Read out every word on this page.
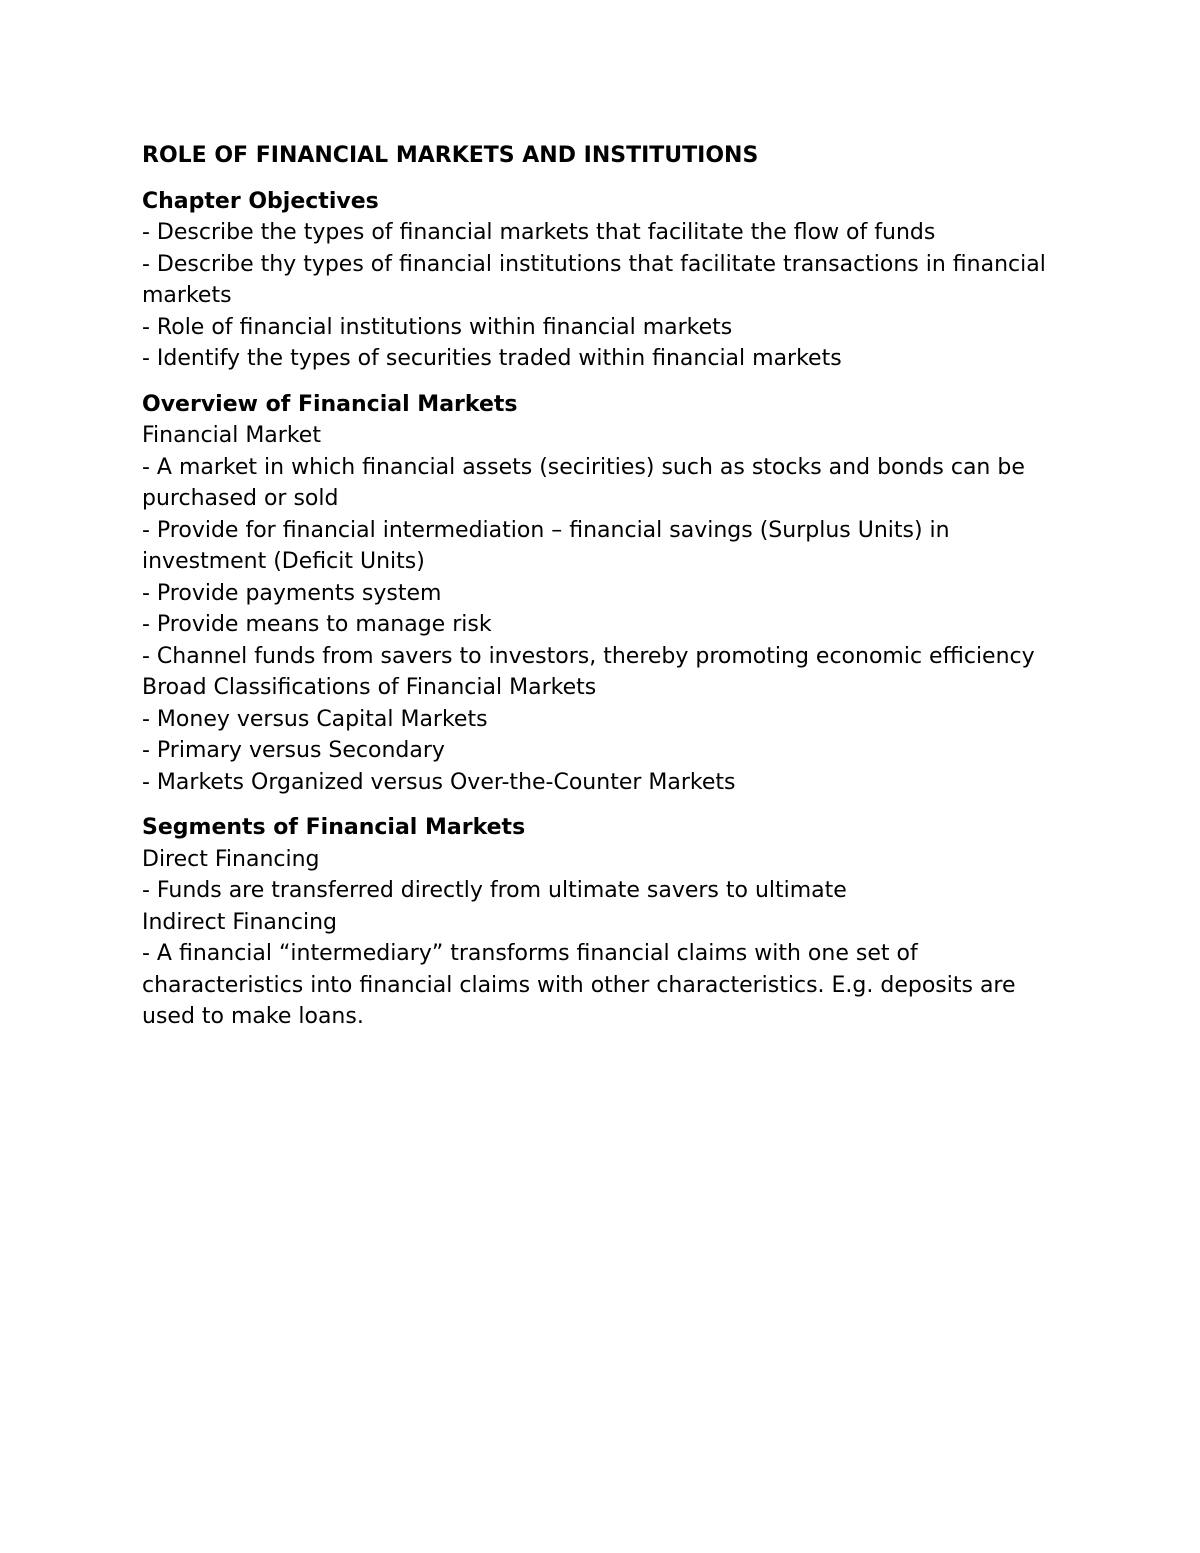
ROLE OF FINANCIAL MARKETS AND INSTITUTIONS
Chapter Objectives
- Describe the types of financial markets that facilitate the flow of funds
- Describe thy types of financial institutions that facilitate transactions in financial markets
- Role of financial institutions within financial markets
- Identify the types of securities traded within financial markets
Overview of Financial Markets
Financial Market
- A market in which financial assets (secirities) such as stocks and bonds can be purchased or sold
- Provide for financial intermediation – financial savings (Surplus Units) in investment (Deficit Units)
- Provide payments system
- Provide means to manage risk
- Channel funds from savers to investors, thereby promoting economic efficiency
Broad Classifications of Financial Markets
- Money versus Capital Markets
- Primary versus Secondary
- Markets Organized versus Over-the-Counter Markets
Segments of Financial Markets
Direct Financing
- Funds are transferred directly from ultimate savers to ultimate
Indirect Financing
- A financial “intermediary” transforms financial claims with one set of characteristics into financial claims with other characteristics. E.g. deposits are used to make loans.
